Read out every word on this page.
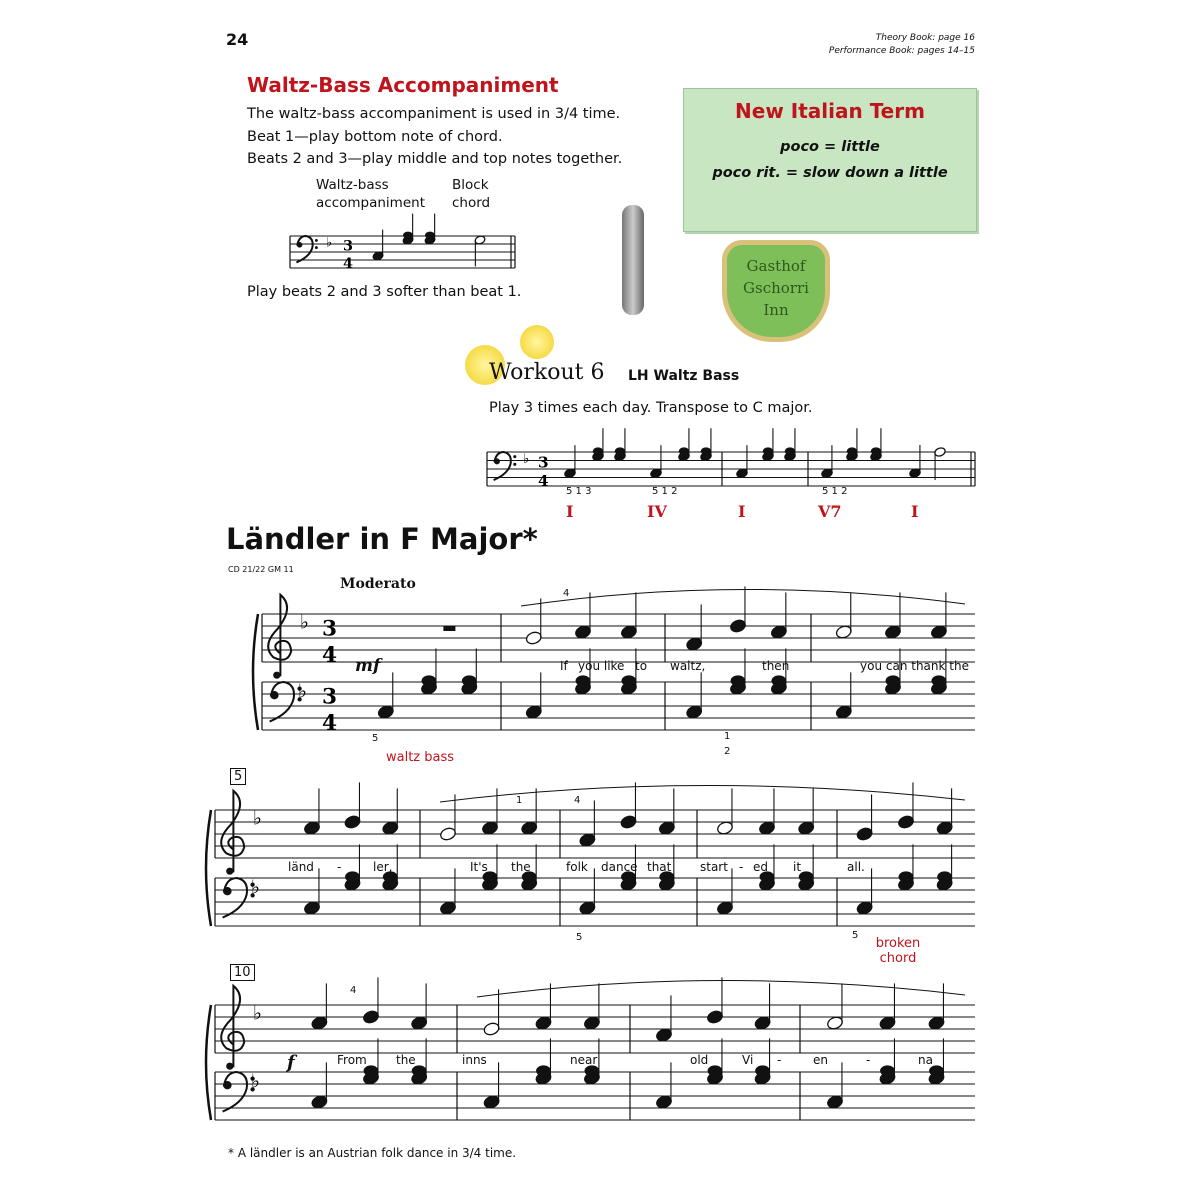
24	Theory Book: page 16
Performance Book: pages 14–15
Waltz-Bass Accompaniment
The waltz-bass accompaniment is used in 3/4 time.
Beat 1—play bottom note of chord.
Beats 2 and 3—play middle and top notes together.
Waltz-bass
accompaniment
Block
chord
Play beats 2 and 3 softer than beat 1.
New Italian Term
poco = little
poco rit. = slow down a little
Gasthof
Gschorri
Inn
Workout 6 LH Waltz Bass
Play 3 times each day. Transpose to C major.
5 1 3	5 1 2	5 1 2
I	IV	I	V7	I
Ländler in F Major*
CD 21/22 GM 11
Moderato
♭ 3
4
♭ 3
4
♭
♭
3
4
3
4
♭
♭
♭
♭
mf	If you like to waltz,	then	you can thank the
waltz bass
4
5	1
2
5
länd -	ler,	It's the	folk dance that start - ed it	all.
broken chord
1	4
5	5
10
f	From the	inns	near	old	Vi -	en	-	na
4
* A ländler is an Austrian folk dance in 3/4 time.
